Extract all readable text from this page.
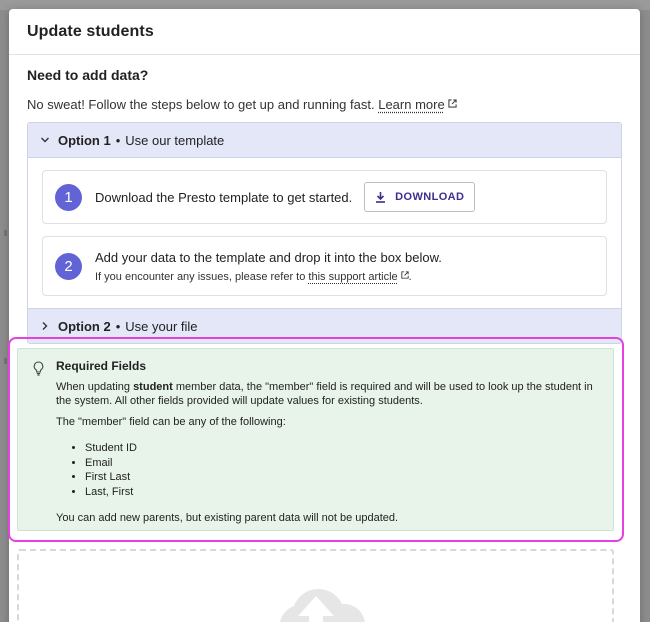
Update students
Need to add data?
No sweat! Follow the steps below to get up and running fast. Learn more
Option 1 • Use our template
1	Download the Presto template to get started.	DOWNLOAD
2
Add your data to the template and drop it into the box below.
If you encounter any issues, please refer to this support article .
Option 2 • Use your file
Required Fields
When updating student member data, the "member" field is required and will be used to look up the student in the system. All other fields provided will update values for existing students.
The "member" field can be any of the following:
• Student ID
• Email
• First Last
• Last, First
You can add new parents, but existing parent data will not be updated.
